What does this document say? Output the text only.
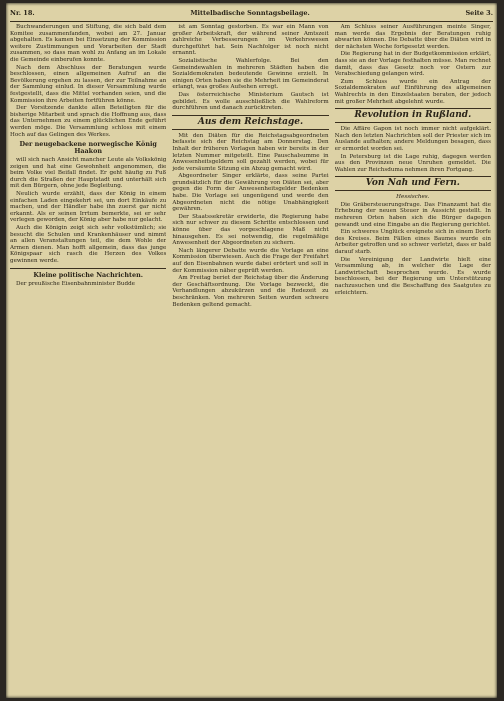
Nr. 18.	Mittelbadische Sonntagsbeilage.	Seite 3.

Buchwanderungen und Stiftung, die sich bald dem Komitee zusammenfanden, wobei am 27. Januar abgehalten. Es kamen bei Einsetzung der Kommission weitere Zustimmungen und Vorarbeiten der Stadt zusammen, so dass man wohl zu Anfang an im Lokale die Gemeinde einberufen konnte.

Nach dem Abschluss der Beratungen wurde beschlossen, einen allgemeinen Aufruf an die Bevölkerung ergehen zu lassen, der zur Teilnahme an der Sammlung einlud. In dieser Versammlung wurde festgestellt, dass die Mittel vorhanden seien, und die Kommission ihre Arbeiten fortführen könne.

Der Vorsitzende dankte allen Beteiligten für die bisherige Mitarbeit und sprach die Hoffnung aus, dass das Unternehmen zu einem glücklichen Ende geführt werden möge. Die Versammlung schloss mit einem Hoch auf das Gelingen des Werkes.

Der neugebackene norwegische König Haakon

will sich nach Ansicht mancher Leute als Volkskönig zeigen und hat eine Gewohnheit angenommen, die beim Volke viel Beifall findet. Er geht häufig zu Fuß durch die Straßen der Hauptstadt und unterhält sich mit den Bürgern, ohne jede Begleitung.

Neulich wurde erzählt, dass der König in einem einfachen Laden eingekehrt sei, um dort Einkäufe zu machen, und der Händler habe ihn zuerst gar nicht erkannt. Als er seinen Irrtum bemerkte, sei er sehr verlegen geworden, der König aber habe nur gelacht.

Auch die Königin zeigt sich sehr volkstümlich; sie besucht die Schulen und Krankenhäuser und nimmt an allen Veranstaltungen teil, die dem Wohle der Armen dienen. Man hofft allgemein, dass das junge Königspaar sich rasch die Herzen des Volkes gewinnen werde.

Kleine politische Nachrichten.

Der preußische Eisenbahnminister Budde

ist am Sonntag gestorben. Es war ein Mann von großer Arbeitskraft, der während seiner Amtszeit zahlreiche Verbesserungen im Verkehrswesen durchgeführt hat. Sein Nachfolger ist noch nicht ernannt.

Sozialistische Wahlerfolge. Bei den Gemeindewahlen in mehreren Städten haben die Sozialdemokraten bedeutende Gewinne erzielt. In einigen Orten haben sie die Mehrheit im Gemeinderat erlangt, was großes Aufsehen erregt.

Das österreichische Ministerium Gautsch ist gebildet. Es wolle ausschließlich die Wahlreform durchführen und danach zurücktreten.

Aus dem Reichstage.

Mit den Diäten für die Reichstagsabgeordneten befasste sich der Reichstag am Donnerstag. Den Inhalt der früheren Vorlagen haben wir bereits in der letzten Nummer mitgeteilt. Eine Pauschalsumme in Anwesenheitsgeldern soll gezahlt werden, wobei für jede versäumte Sitzung ein Abzug gemacht wird.

Abgeordneter Singer erklärte, dass seine Partei grundsätzlich für die Gewährung von Diäten sei, aber gegen die Form der Anwesenheitsgelder Bedenken habe. Die Vorlage sei ungenügend und werde den Abgeordneten nicht die nötige Unabhängigkeit gewähren.

Der Staatssekretär erwiderte, die Regierung habe sich nur schwer zu diesem Schritte entschlossen und könne über das vorgeschlagene Maß nicht hinausgehen. Es sei notwendig, die regelmäßige Anwesenheit der Abgeordneten zu sichern.

Nach längerer Debatte wurde die Vorlage an eine Kommission überwiesen. Auch die Frage der Freifahrt auf den Eisenbahnen wurde dabei erörtert und soll in der Kommission näher geprüft werden.

Am Freitag beriet der Reichstag über die Änderung der Geschäftsordnung. Die Vorlage bezweckt, die Verhandlungen abzukürzen und die Redezeit zu beschränken. Von mehreren Seiten wurden schwere Bedenken geltend gemacht.

Am Schluss seiner Ausführungen meinte Singer, man werde das Ergebnis der Beratungen ruhig abwarten können. Die Debatte über die Diäten wird in der nächsten Woche fortgesetzt werden.

Die Regierung hat in der Budgetkommission erklärt, dass sie an der Vorlage festhalten müsse. Man rechnet damit, dass das Gesetz noch vor Ostern zur Verabschiedung gelangen wird.

Zum Schluss wurde ein Antrag der Sozialdemokraten auf Einführung des allgemeinen Wahlrechts in den Einzelstaaten beraten, der jedoch mit großer Mehrheit abgelehnt wurde.

Revolution in Rußland.

Die Affäre Gapon ist noch immer nicht aufgeklärt. Nach den letzten Nachrichten soll der Priester sich im Auslande aufhalten; andere Meldungen besagen, dass er ermordet worden sei.

In Petersburg ist die Lage ruhig, dagegen werden aus den Provinzen neue Unruhen gemeldet. Die Wahlen zur Reichsduma nehmen ihren Fortgang.

Von Nah und Fern.
Hessisches.

Die Gräbersteuerungsfrage. Das Finanzamt hat die Erhebung der neuen Steuer in Aussicht gestellt. In mehreren Orten haben sich die Bürger dagegen gewandt und eine Eingabe an die Regierung gerichtet.

Ein schweres Unglück ereignete sich in einem Dorfe des Kreises. Beim Fällen eines Baumes wurde ein Arbeiter getroffen und so schwer verletzt, dass er bald darauf starb.

Die Vereinigung der Landwirte hielt eine Versammlung ab, in welcher die Lage der Landwirtschaft besprochen wurde. Es wurde beschlossen, bei der Regierung um Unterstützung nachzusuchen und die Beschaffung des Saatgutes zu erleichtern.
